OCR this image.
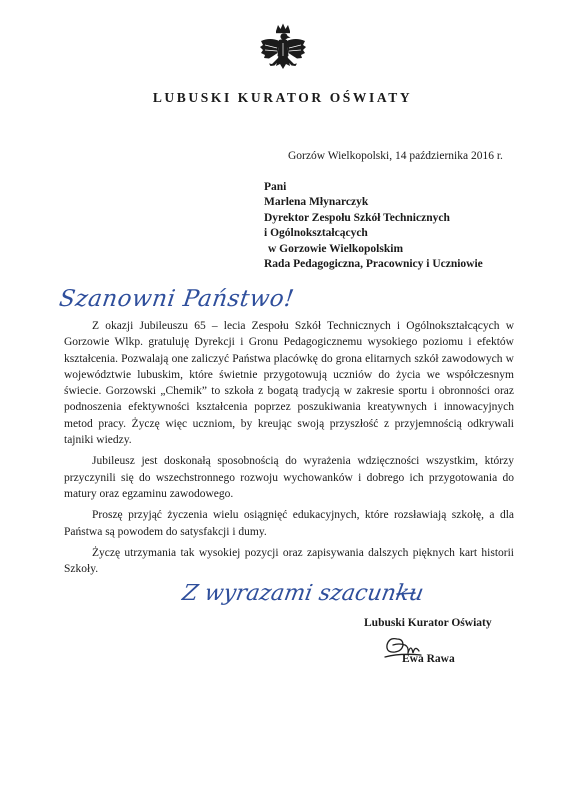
LUBUSKI KURATOR OŚWIATY
Gorzów Wielkopolski, 14 października 2016 r.
Pani
Marlena Młynarczyk
Dyrektor Zespołu Szkół Technicznych
i Ogólnokształcących
w Gorzowie Wielkopolskim
Rada Pedagogiczna, Pracownicy i Uczniowie
Szanowni Państwo!

Z okazji Jubileuszu 65 – lecia Zespołu Szkół Technicznych i Ogólnokształcących w Gorzowie Wlkp. gratuluję Dyrekcji i Gronu Pedagogicznemu wysokiego poziomu i efektów kształcenia. Pozwalają one zaliczyć Państwa placówkę do grona elitarnych szkół zawodowych w województwie lubuskim, które świetnie przygotowują uczniów do życia we współczesnym świecie. Gorzowski „Chemik” to szkoła z bogatą tradycją w zakresie sportu i obronności oraz podnoszenia efektywności kształcenia poprzez poszukiwania kreatywnych i innowacyjnych metod pracy. Życzę więc uczniom, by kreując swoją przyszłość z przyjemnością odkrywali tajniki wiedzy.

Jubileusz jest doskonałą sposobnością do wyrażenia wdzięczności wszystkim, którzy przyczynili się do wszechstronnego rozwoju wychowanków i dobrego ich przygotowania do matury oraz egzaminu zawodowego.

Proszę przyjąć życzenia wielu osiągnięć edukacyjnych, które rozsławiają szkołę, a dla Państwa są powodem do satysfakcji i dumy.

Życzę utrzymania tak wysokiej pozycji oraz zapisywania dalszych pięknych kart historii Szkoły.

Z wyrazami szacunku
Lubuski Kurator Oświaty
Ewa Rawa
